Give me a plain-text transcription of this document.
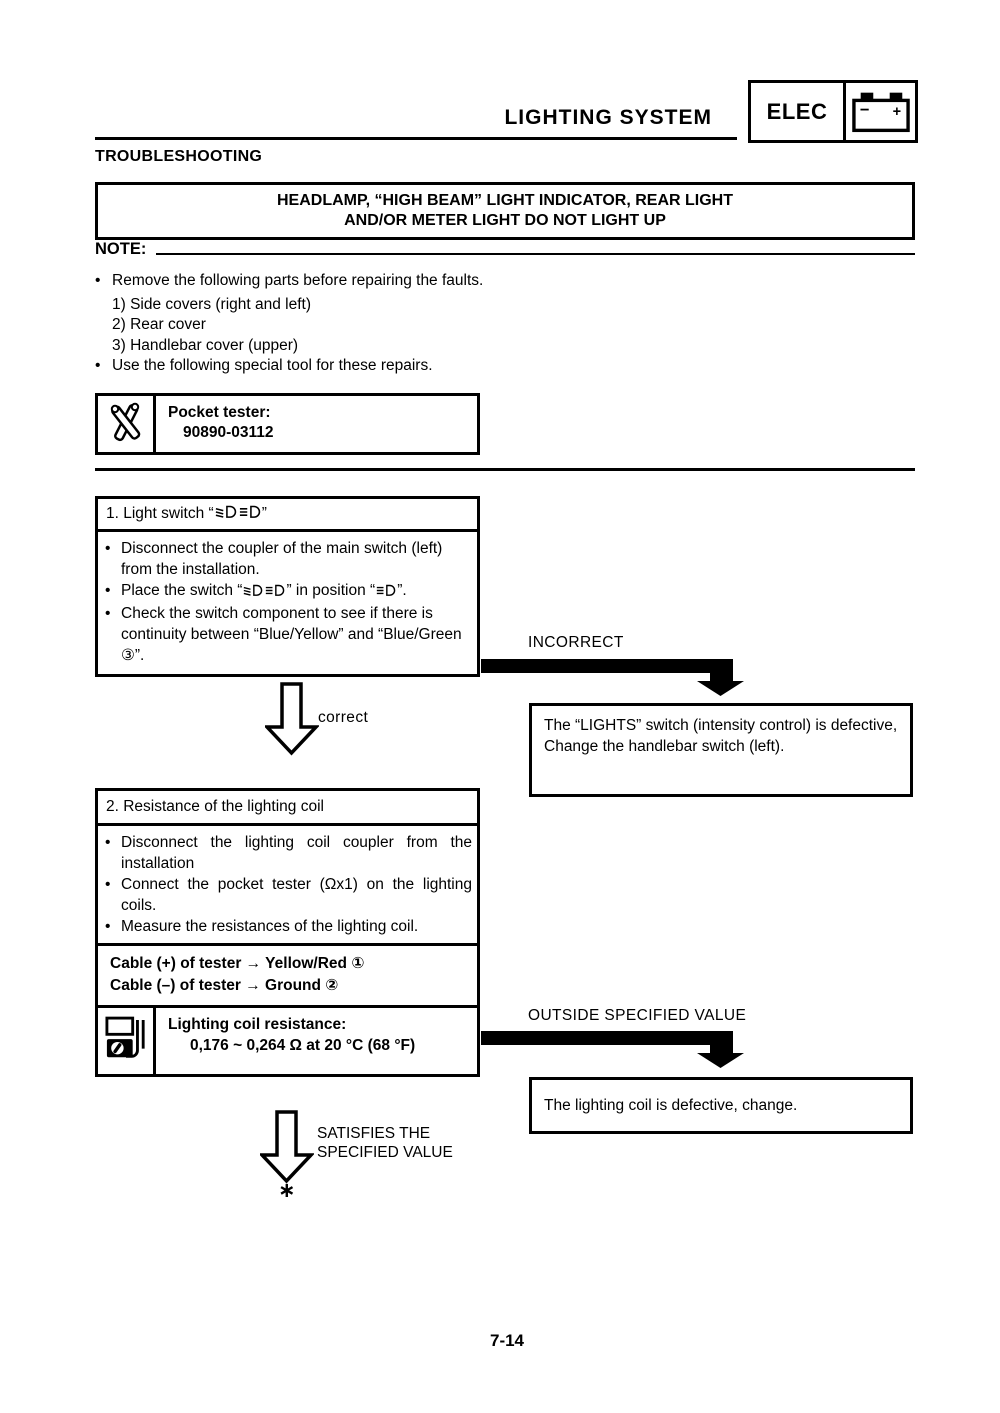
LIGHTING SYSTEM	ELEC	− +
TROUBLESHOOTING
HEADLAMP, “HIGH BEAM” LIGHT INDICATOR, REAR LIGHT
AND/OR METER LIGHT DO NOT LIGHT UP
NOTE:
• Remove the following parts before repairing the faults.
1) Side covers (right and left)
2) Rear cover
3) Handlebar cover (upper)
• Use the following special tool for these repairs.
Pocket tester:
90890-03112
1. Light switch “	”
• Disconnect the coupler of the main switch (left) from the installation.
• Place the switch “	” in position “ ”.
• Check the switch component to see if there is continuity between “Blue/Yellow” and “Blue/Green ③”.
INCORRECT
The “LIGHTS” switch (intensity control) is defective, Change the handlebar switch (left).
correct
2. Resistance of the lighting coil
• Disconnect the lighting coil coupler from the installation
• Connect the pocket tester (Ωx1) on the lighting coils.
• Measure the resistances of the lighting coil.
Cable (+) of tester → Yellow/Red ①
Cable (–) of tester → Ground ②
Lighting coil resistance:
0,176 ~ 0,264 Ω at 20 °C (68 °F)
OUTSIDE SPECIFIED VALUE
The lighting coil is defective, change.
SATISFIES THE
SPECIFIED VALUE
∗
7-14
